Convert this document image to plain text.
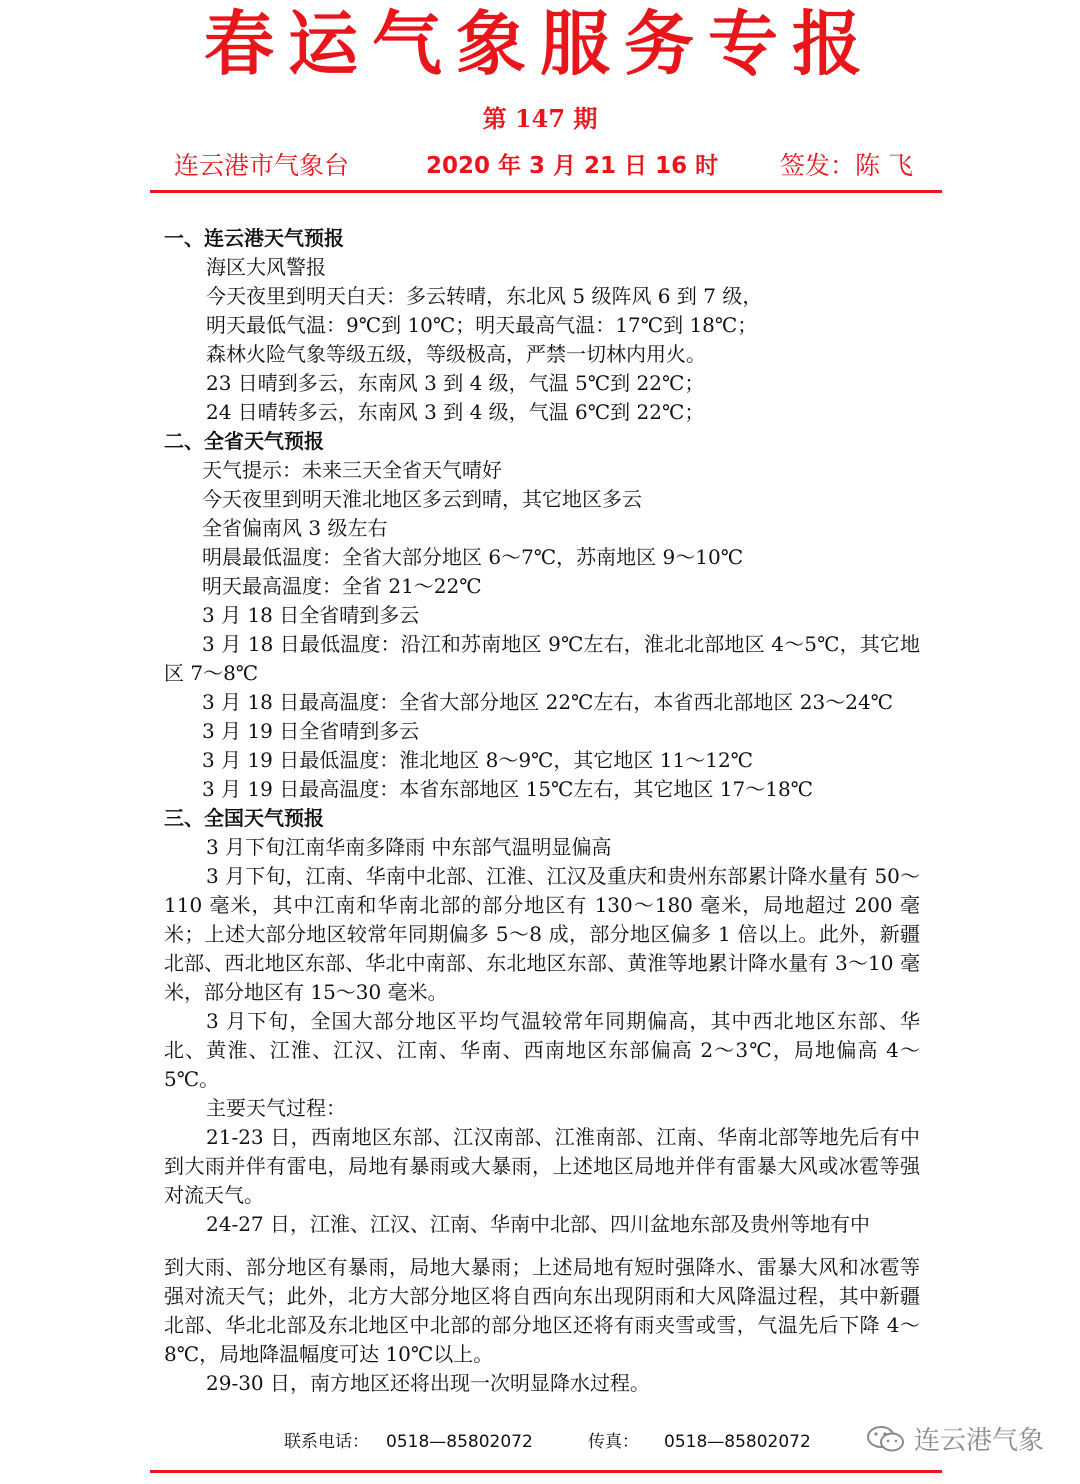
春运气象服务专报
第 147 期
连云港市气象台	2020 年 3 月 21 日 16 时 签发：陈 飞

一、连云港天气预报

海区大风警报

今天夜里到明天白天：多云转晴，东北风 5 级阵风 6 到 7 级，

明天最低气温：9℃到 10℃；明天最高气温：17℃到 18℃；

森林火险气象等级五级，等级极高，严禁一切林内用火。

23 日晴到多云，东南风 3 到 4 级，气温 5℃到 22℃；

24 日晴转多云，东南风 3 到 4 级，气温 6℃到 22℃；

二、全省天气预报

天气提示：未来三天全省天气晴好

今天夜里到明天淮北地区多云到晴，其它地区多云

全省偏南风 3 级左右

明晨最低温度：全省大部分地区 6～7℃，苏南地区 9～10℃

明天最高温度：全省 21～22℃

3 月 18 日全省晴到多云

3 月 18 日最低温度：沿江和苏南地区 9℃左右，淮北北部地区 4～5℃，其它地区 7～8℃

3 月 18 日最高温度：全省大部分地区 22℃左右，本省西北部地区 23～24℃

3 月 19 日全省晴到多云

3 月 19 日最低温度：淮北地区 8～9℃，其它地区 11～12℃

3 月 19 日最高温度：本省东部地区 15℃左右，其它地区 17～18℃

三、全国天气预报

3 月下旬江南华南多降雨 中东部气温明显偏高

3 月下旬，江南、华南中北部、江淮、江汉及重庆和贵州东部累计降水量有 50～110 毫米，其中江南和华南北部的部分地区有 130～180 毫米，局地超过 200 毫米；上述大部分地区较常年同期偏多 5～8 成，部分地区偏多 1 倍以上。此外，新疆北部、西北地区东部、华北中南部、东北地区东部、黄淮等地累计降水量有 3～10 毫米，部分地区有 15～30 毫米。

3 月下旬，全国大部分地区平均气温较常年同期偏高，其中西北地区东部、华北、黄淮、江淮、江汉、江南、华南、西南地区东部偏高 2～3℃，局地偏高 4～5℃。

主要天气过程：

21-23 日，西南地区东部、江汉南部、江淮南部、江南、华南北部等地先后有中到大雨并伴有雷电，局地有暴雨或大暴雨，上述地区局地并伴有雷暴大风或冰雹等强对流天气。

24-27 日，江淮、江汉、江南、华南中北部、四川盆地东部及贵州等地有中

到大雨、部分地区有暴雨，局地大暴雨；上述局地有短时强降水、雷暴大风和冰雹等强对流天气；此外，北方大部分地区将自西向东出现阴雨和大风降温过程，其中新疆北部、华北北部及东北地区中北部的部分地区还将有雨夹雪或雪，气温先后下降 4～8℃，局地降温幅度可达 10℃以上。

29-30 日，南方地区还将出现一次明显降水过程。

联系电话： 0518—85802072	传真： 0518—85802072	连云港气象
